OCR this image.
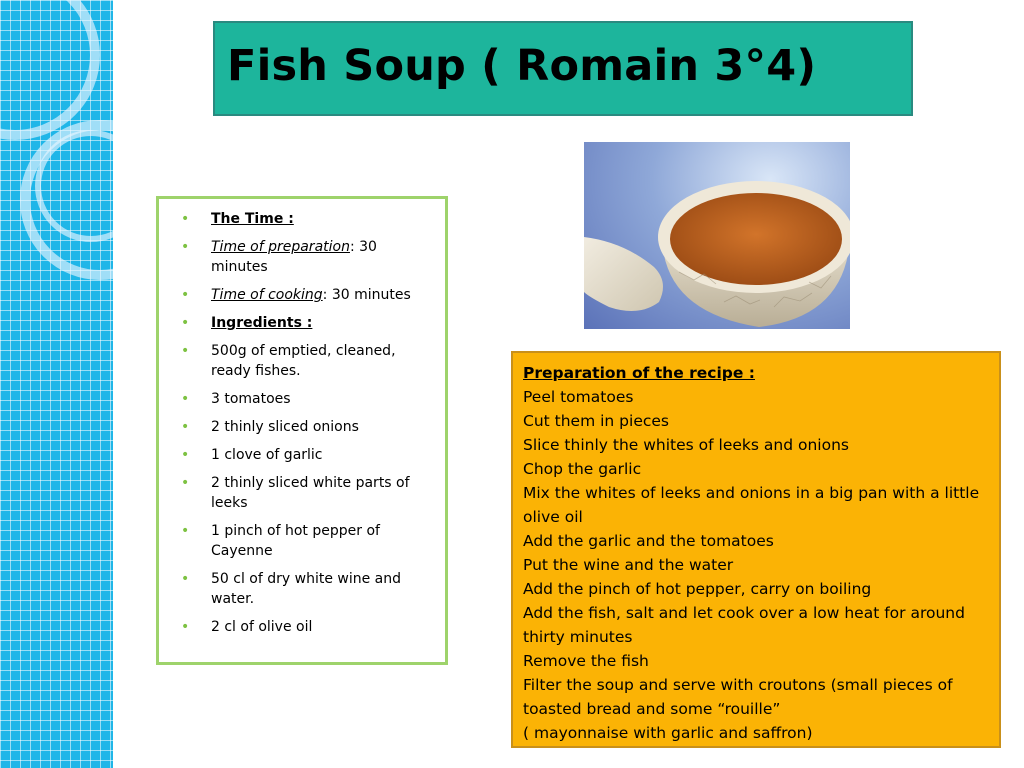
Fish Soup ( Romain 3°4)
• The Time :
• Time of preparation: 30 minutes
• Time of cooking: 30 minutes
• Ingredients :
• 500g of emptied, cleaned, ready fishes.
• 3 tomatoes
• 2 thinly sliced onions
• 1 clove of garlic
• 2 thinly sliced white parts of leeks
• 1 pinch of hot pepper of Cayenne
• 50 cl of dry white wine and water.
• 2 cl of olive oil

Preparation of the recipe :

Peel tomatoes

Cut them in pieces

Slice thinly the whites of leeks and onions

Chop the garlic

Mix the whites of leeks and onions in a big pan with a little olive oil

Add the garlic and the tomatoes

Put the wine and the water

Add the pinch of hot pepper, carry on boiling

Add the fish, salt and let cook over a low heat for around thirty minutes

Remove the fish

Filter the soup and serve with croutons (small pieces of toasted bread and some “rouille”

( mayonnaise with garlic and saffron)
